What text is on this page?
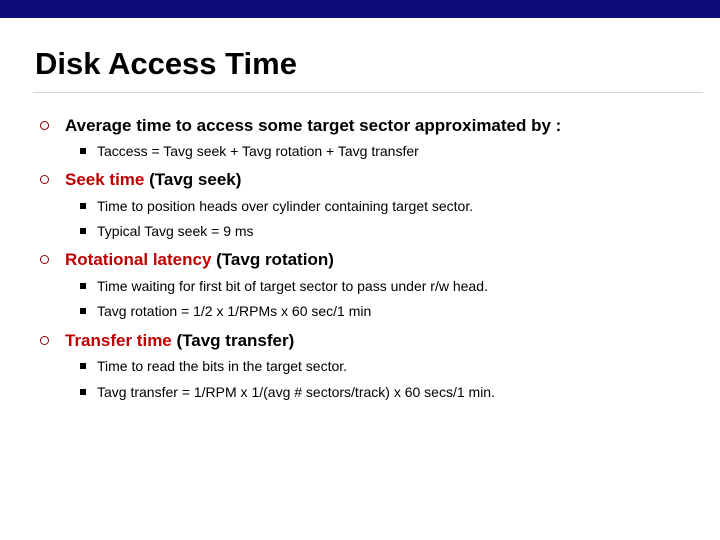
Disk Access Time
Average time to access some target sector approximated by :
Taccess = Tavg seek + Tavg rotation + Tavg transfer
Seek time (Tavg seek)
Time to position heads over cylinder containing target sector.
Typical Tavg seek = 9 ms
Rotational latency (Tavg rotation)
Time waiting for first bit of target sector to pass under r/w head.
Tavg rotation = 1/2 x 1/RPMs x 60 sec/1 min
Transfer time (Tavg transfer)
Time to read the bits in the target sector.
Tavg transfer = 1/RPM x 1/(avg # sectors/track) x 60 secs/1 min.
